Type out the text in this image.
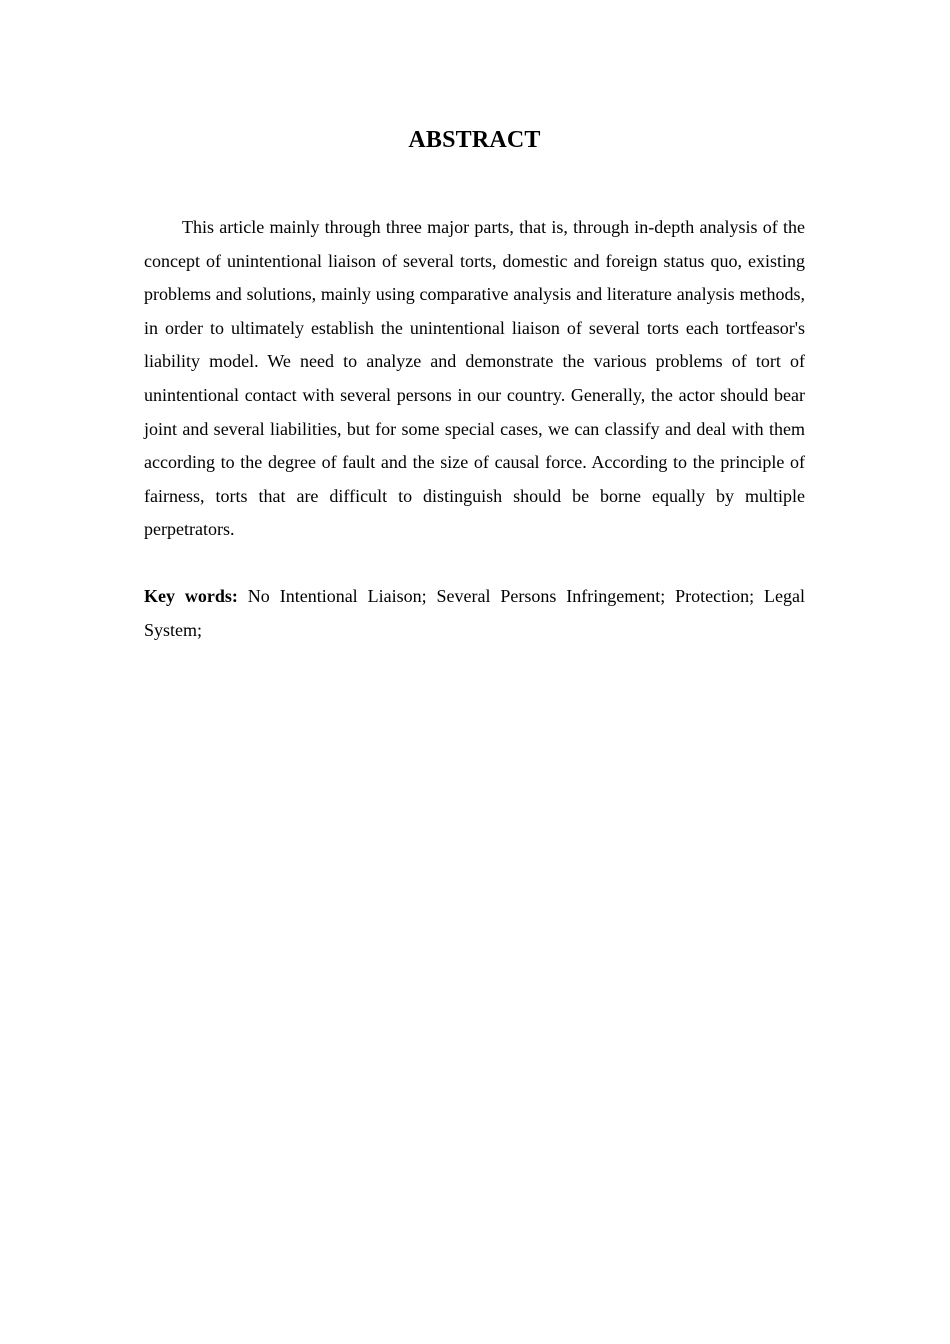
ABSTRACT

This article mainly through three major parts, that is, through in-depth analysis of the concept of unintentional liaison of several torts, domestic and foreign status quo, existing problems and solutions, mainly using comparative analysis and literature analysis methods, in order to ultimately establish the unintentional liaison of several torts each tortfeasor's liability model. We need to analyze and demonstrate the various problems of tort of unintentional contact with several persons in our country. Generally, the actor should bear joint and several liabilities, but for some special cases, we can classify and deal with them according to the degree of fault and the size of causal force. According to the principle of fairness, torts that are difficult to distinguish should be borne equally by multiple perpetrators.

Key words: No Intentional Liaison; Several Persons Infringement; Protection; Legal System;
